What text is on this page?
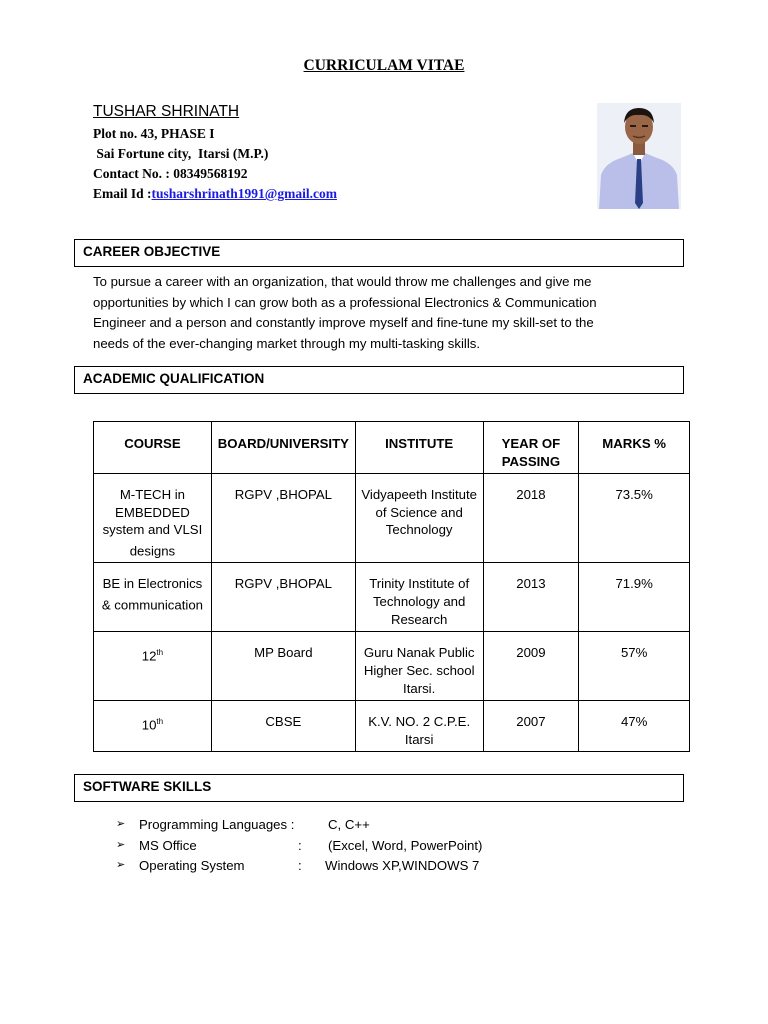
CURRICULAM VITAE
TUSHAR SHRINATH
Plot no. 43, PHASE I
Sai Fortune city,  Itarsi (M.P.)
Contact No. : 08349568192
Email Id :tusharshrinath1991@gmail.com
CAREER OBJECTIVE
To pursue a career with an organization, that would throw me challenges and give me
opportunities by which I can grow both as a professional Electronics & Communication
Engineer and a person and constantly improve myself and fine-tune my skill-set to the
needs of the ever-changing market through my multi-tasking skills.
ACADEMIC QUALIFICATION
COURSE	BOARD/UNIVERSITY	INSTITUTE	YEAR OF PASSING	MARKS %
M-TECH in EMBEDDED system and VLSI designs	RGPV ,BHOPAL	Vidyapeeth Institute of Science and Technology	2018	73.5%
BE in Electronics & communication	RGPV ,BHOPAL	Trinity Institute of Technology and Research	2013	71.9%
12th	MP Board	Guru Nanak Public Higher Sec. school Itarsi.	2009	57%
10th	CBSE	K.V. NO. 2 C.P.E. Itarsi	2007	47%
SOFTWARE SKILLS
➢ Programming Languages :	C, C++
➢ MS Office	: (Excel, Word, PowerPoint)
➢ Operating System	: Windows XP,WINDOWS 7
